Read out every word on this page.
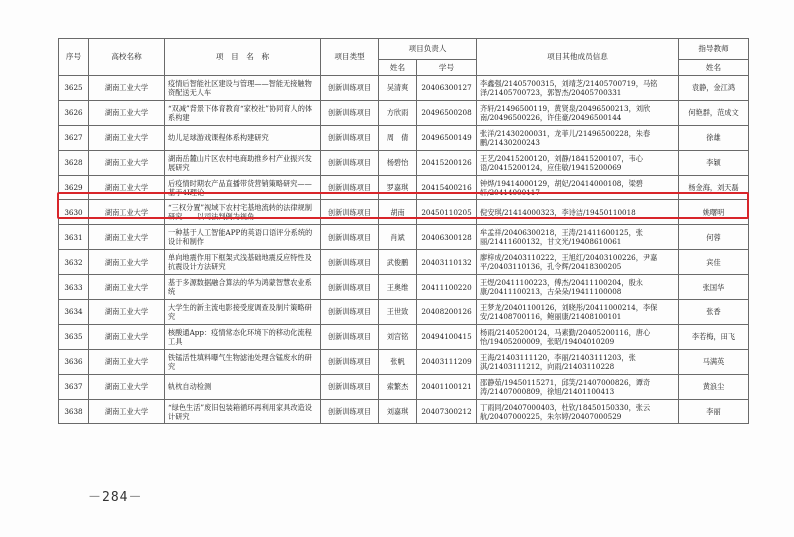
序号	高校名称	项　目　名　称	项目类型	项目负责人		项目其他成员信息	指导教师
				姓名	学号		姓名
3625	湖南工业大学	疫情后智能社区建设与管理——智能无接触物资配送无人车	创新训练项目	吴清爽	20406300127	李鑫强/21405700315，刘靖芝/21405700719，马铭泽/21405700723，郭智杰/20405700331	袁静，金江鸿
3626	湖南工业大学	“双减”背景下体育教育“家校社”协同育人的体系构建	创新训练项目	方欣雨	20496500208	齐轩/21496500119，黄贤泉/20496500213，刘欣南/20496500226，许佳豪/20496500144	何艳群，范成文
3627	湖南工业大学	幼儿足球游戏课程体系构建研究	创新训练项目	周　倩	20496500149	张洋/21430200031，龙菲儿/21496500228，朱春鹏/21430200243	徐雄
3628	湖南工业大学	湖南岳麓山片区农村电商助推乡村产业振兴发展研究	创新训练项目	杨碧怡	20415200126	王艺/20415200120，刘静/18415200107，韦心语/20415200124，应佳敏/19415200069	李颖
3629	湖南工业大学	后疫情时期农产品直播带货营销策略研究——基于4I理论	创新训练项目	罗嘉琪	20415400216	钟烨/19414000129，胡妃/20414000108，梁碧轩/20414000117	杨金海，刘天磊
3630	湖南工业大学	“三权分置”视域下农村宅基地流转的法律规制研究——以司法判例为视角	创新训练项目	胡南	20450110205	倪安琪/21414000323，李诗洁/19450110018	姚曙明
3631	湖南工业大学	一种基于人工智能APP的英语口语评分系统的设计和制作	创新训练项目	肖斌	20406300128	牟孟祥/20406300218，王涛/21411600125，张丽/21411600132，甘文光/19408610061	何蓉
3632	湖南工业大学	单向地震作用下框架式浅基础地震反应特性及抗震设计方法研究	创新训练项目	武俊鹏	20403110132	廖梓成/20403110222，王旭红/20403100226，尹嘉平/20403110136，孔令辉/20418300205	宾佳
3633	湖南工业大学	基于多源数据融合算法的华为鸿蒙智慧农业系统	创新训练项目	王奥维	20411100220	王煜/20411100223，傅杰/20411100204，殷永康/20411100213，古朵朵/19411100008	张国华
3634	湖南工业大学	大学生的新主流电影接受度调查及制片策略研究	创新训练项目	王世致	20408200126	王梦龙/20401100126，刘晓彤/20411000214，李保安/21408700116，鲍丽康/21408100101	张香
3635	湖南工业大学	核酸通App：疫情常态化环境下的移动化流程工具	创新训练项目	刘宫铭	20494100415	杨雨/21405200124，马素勤/20405200116，唐心怡/19405200009，张昭/19404010209	李若梅，田飞
3636	湖南工业大学	铁锰活性填料曝气生物滤池处理含锰废水的研究	创新训练项目	张帆	20403111209	王海/21403111120，李丽/21403111203，张淇/21403111212，向雨/21403110228	马满英
3637	湖南工业大学	轨枕自动检测	创新训练项目	索繁杰	20401100121	邵静茹/19450115271，邱笑/21407000826，谭奇涛/21407000809，徐旭/21401100413	黄浪尘
3638	湖南工业大学	“绿色生活”废旧包装箱循环再利用家具改造设计研究	创新训练项目	刘嘉琪	20407300212	丁雨同/20407000403，杜钦/18450150330，张云航/20407000225，朱尔婷/20407000529	李丽
－284－
